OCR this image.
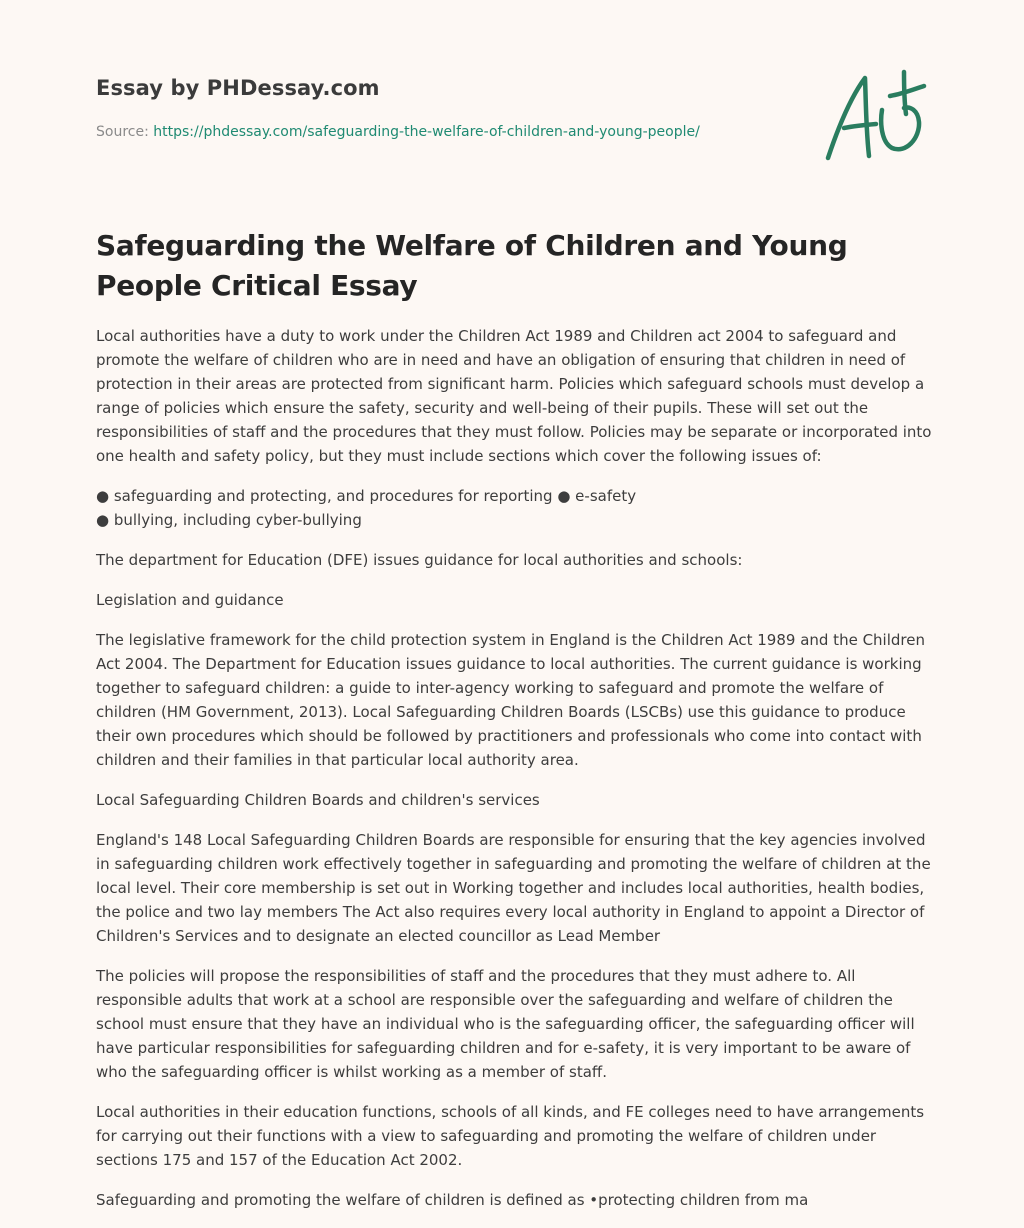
Essay by PHDessay.com
Source: https://phdessay.com/safeguarding-the-welfare-of-children-and-young-people/
Safeguarding the Welfare of Children and Young People Critical Essay

Local authorities have a duty to work under the Children Act 1989 and Children act 2004 to safeguard and promote the welfare of children who are in need and have an obligation of ensuring that children in need of protection in their areas are protected from significant harm. Policies which safeguard schools must develop a range of policies which ensure the safety, security and well-being of their pupils. These will set out the responsibilities of staff and the procedures that they must follow. Policies may be separate or incorporated into one health and safety policy, but they must include sections which cover the following issues of:

● safeguarding and protecting, and procedures for reporting ● e-safety

● bullying, including cyber-bullying

The department for Education (DFE) issues guidance for local authorities and schools:

Legislation and guidance

The legislative framework for the child protection system in England is the Children Act 1989 and the Children Act 2004. The Department for Education issues guidance to local authorities. The current guidance is working together to safeguard children: a guide to inter-agency working to safeguard and promote the welfare of children (HM Government, 2013). Local Safeguarding Children Boards (LSCBs) use this guidance to produce their own procedures which should be followed by practitioners and professionals who come into contact with children and their families in that particular local authority area.

Local Safeguarding Children Boards and children's services

England's 148 Local Safeguarding Children Boards are responsible for ensuring that the key agencies involved in safeguarding children work effectively together in safeguarding and promoting the welfare of children at the local level. Their core membership is set out in Working together and includes local authorities, health bodies, the police and two lay members The Act also requires every local authority in England to appoint a Director of Children's Services and to designate an elected councillor as Lead Member

The policies will propose the responsibilities of staff and the procedures that they must adhere to. All responsible adults that work at a school are responsible over the safeguarding and welfare of children the school must ensure that they have an individual who is the safeguarding officer, the safeguarding officer will have particular responsibilities for safeguarding children and for e-safety, it is very important to be aware of who the safeguarding officer is whilst working as a member of staff.

Local authorities in their education functions, schools of all kinds, and FE colleges need to have arrangements for carrying out their functions with a view to safeguarding and promoting the welfare of children under sections 175 and 157 of the Education Act 2002.

Safeguarding and promoting the welfare of children is defined as •protecting children from ma
